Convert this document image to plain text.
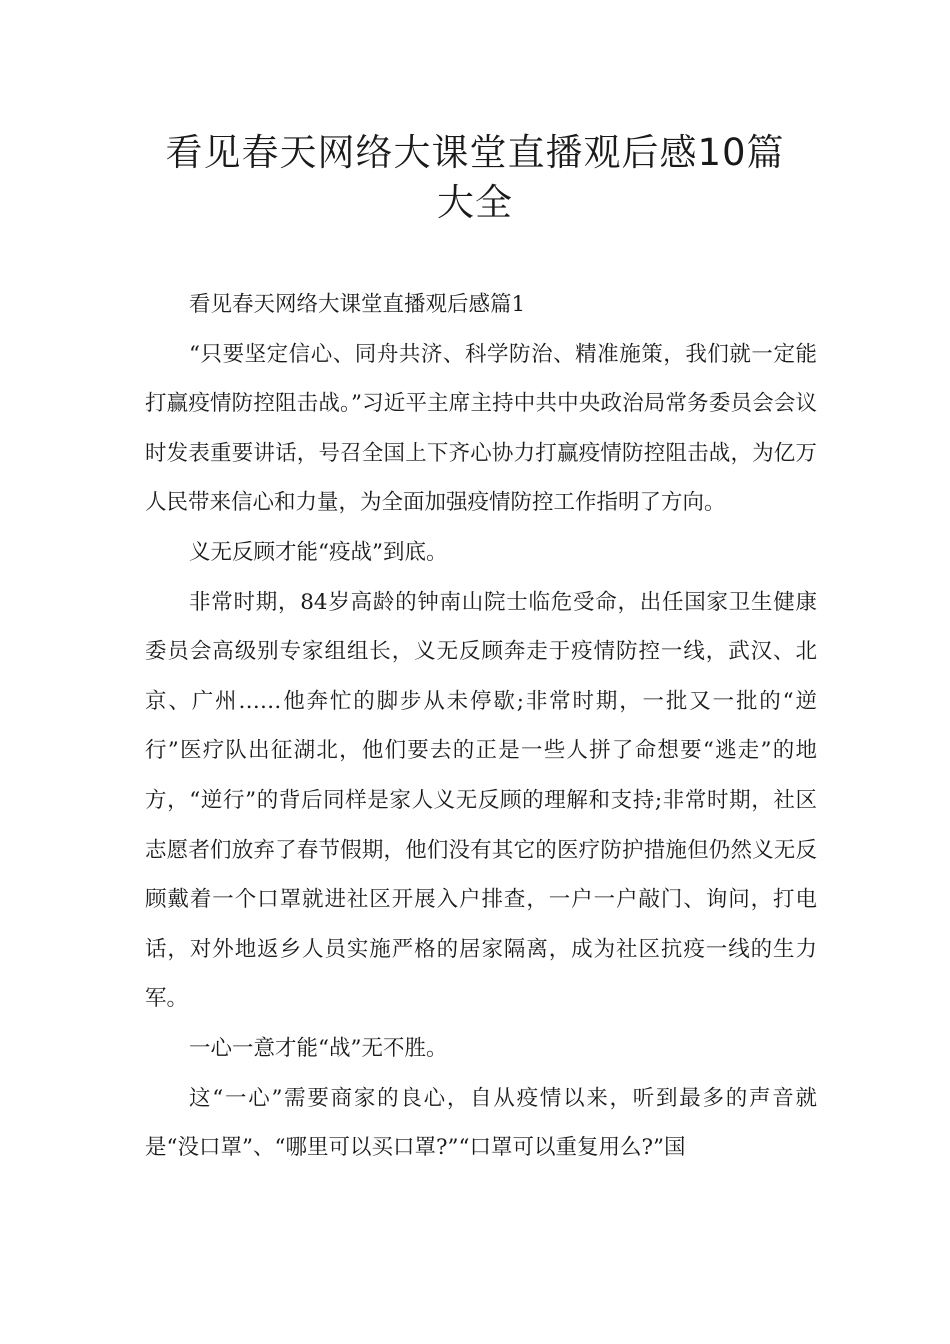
看见春天网络大课堂直播观后感10篇
大全

看见春天网络大课堂直播观后感篇1

“只要坚定信心、同舟共济、科学防治、精准施策，我们就一定能打赢疫情防控阻击战。”习近平主席主持中共中央政治局常务委员会会议时发表重要讲话，号召全国上下齐心协力打赢疫情防控阻击战，为亿万人民带来信心和力量，为全面加强疫情防控工作指明了方向。

义无反顾才能“疫战”到底。

非常时期，84岁高龄的钟南山院士临危受命，出任国家卫生健康委员会高级别专家组组长，义无反顾奔走于疫情防控一线，武汉、北京、广州……他奔忙的脚步从未停歇;非常时期，一批又一批的“逆行”医疗队出征湖北，他们要去的正是一些人拼了命想要“逃走”的地方，“逆行”的背后同样是家人义无反顾的理解和支持;非常时期，社区志愿者们放弃了春节假期，他们没有其它的医疗防护措施但仍然义无反顾戴着一个口罩就进社区开展入户排查，一户一户敲门、询问，打电话，对外地返乡人员实施严格的居家隔离，成为社区抗疫一线的生力军。

一心一意才能“战”无不胜。

这“一心”需要商家的良心，自从疫情以来，听到最多的声音就是“没口罩”、“哪里可以买口罩?”“口罩可以重复用么?”国
